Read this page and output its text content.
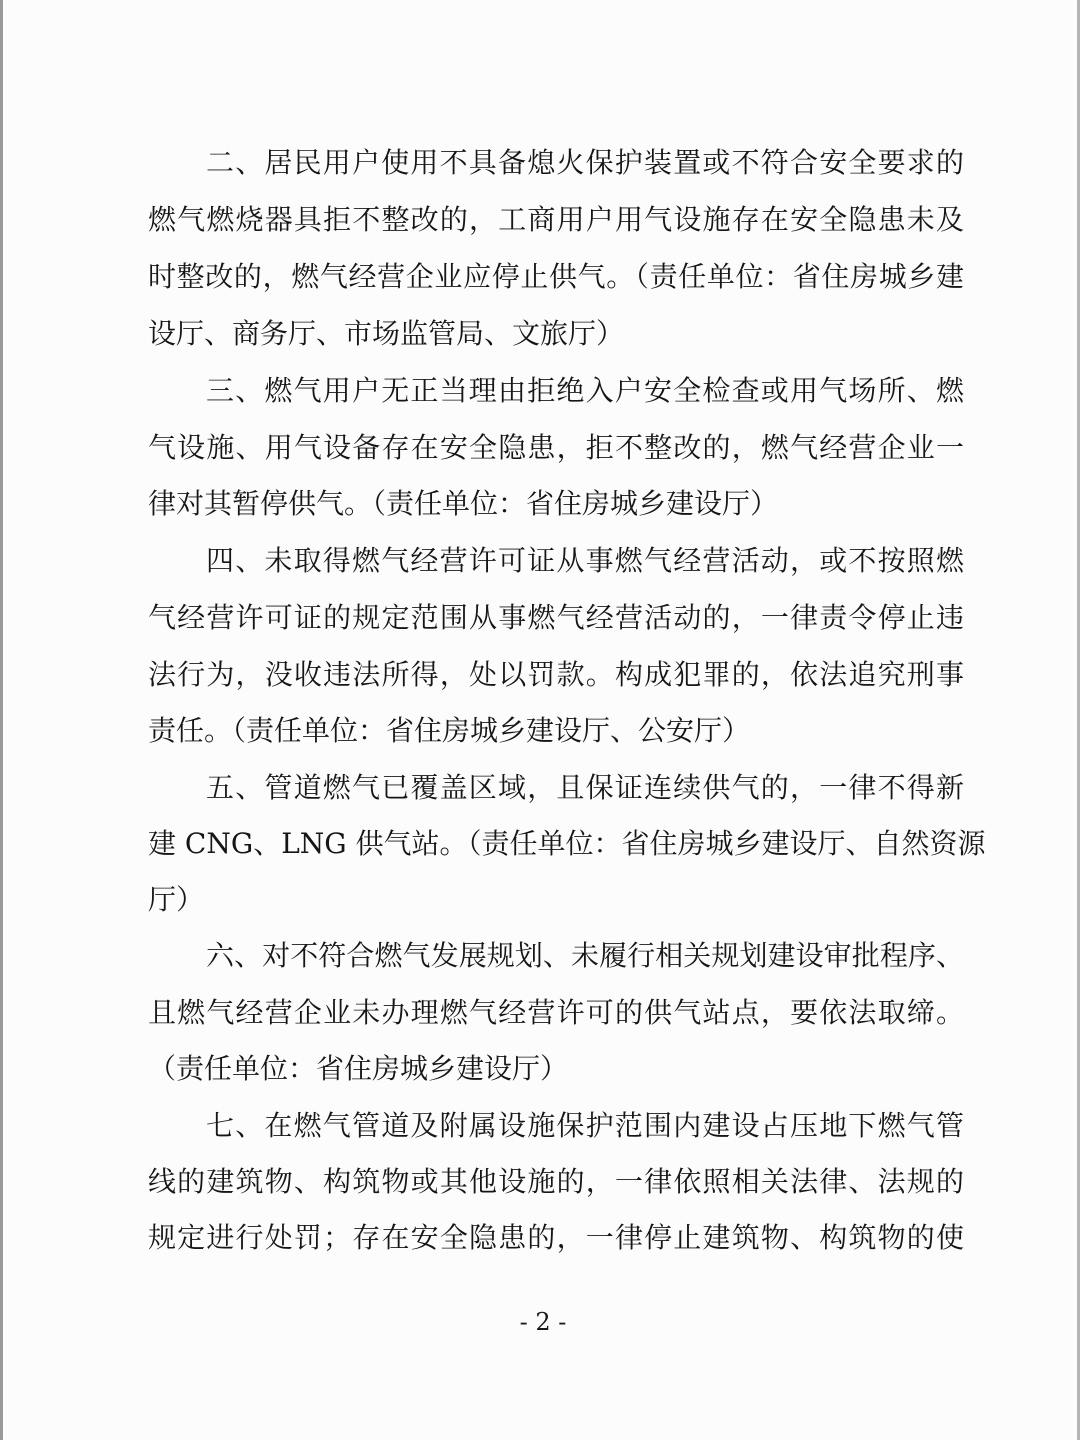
二、居民用户使用不具备熄火保护装置或不符合安全要求的
燃气燃烧器具拒不整改的，工商用户用气设施存在安全隐患未及
时整改的，燃气经营企业应停止供气。（责任单位：省住房城乡建
设厅、商务厅、市场监管局、文旅厅）
三、燃气用户无正当理由拒绝入户安全检查或用气场所、燃
气设施、用气设备存在安全隐患，拒不整改的，燃气经营企业一
律对其暂停供气。（责任单位：省住房城乡建设厅）
四、未取得燃气经营许可证从事燃气经营活动，或不按照燃
气经营许可证的规定范围从事燃气经营活动的，一律责令停止违
法行为，没收违法所得，处以罚款。构成犯罪的，依法追究刑事
责任。（责任单位：省住房城乡建设厅、公安厅）
五、管道燃气已覆盖区域，且保证连续供气的，一律不得新
建 CNG、LNG 供气站。（责任单位：省住房城乡建设厅、自然资源
厅）
六、对不符合燃气发展规划、未履行相关规划建设审批程序、
且燃气经营企业未办理燃气经营许可的供气站点，要依法取缔。
（责任单位：省住房城乡建设厅）
七、在燃气管道及附属设施保护范围内建设占压地下燃气管
线的建筑物、构筑物或其他设施的，一律依照相关法律、法规的
规定进行处罚；存在安全隐患的，一律停止建筑物、构筑物的使
- 2 -
